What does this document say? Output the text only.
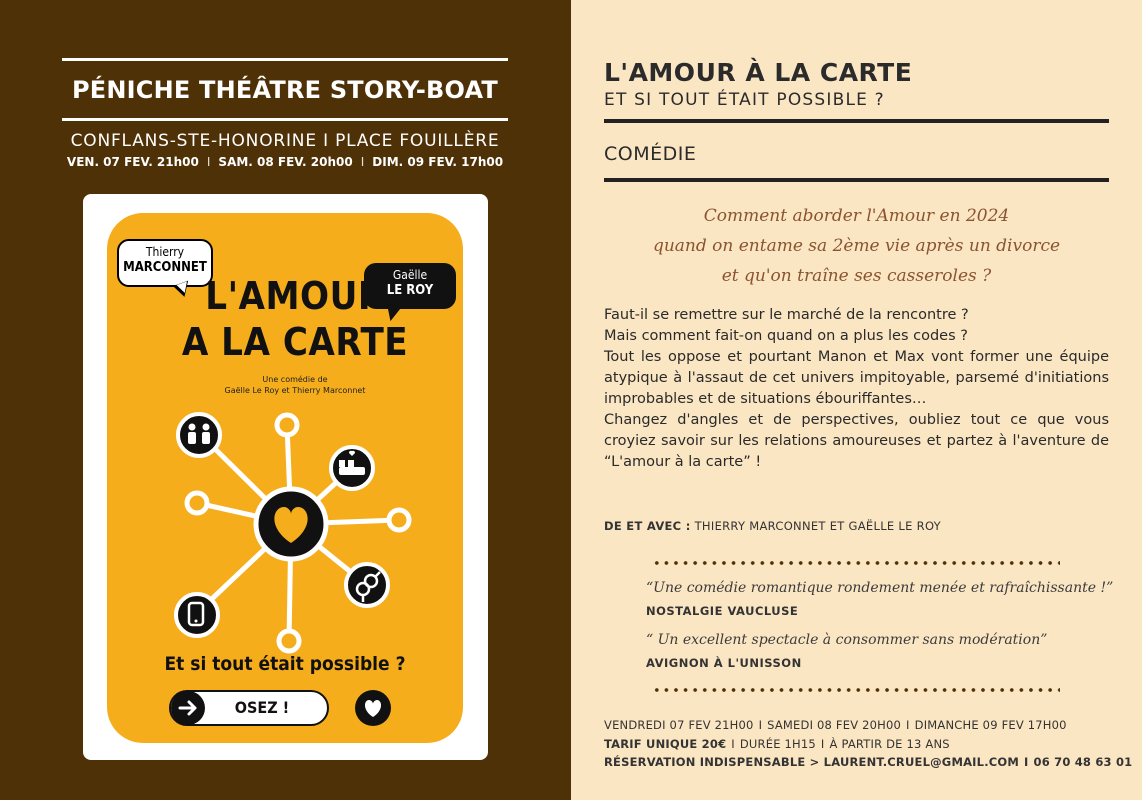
PÉNICHE THÉÂTRE STORY-BOAT
CONFLANS-STE-HONORINE I PLACE FOUILLÈRE
VEN. 07 FEV. 21h00 I SAM. 08 FEV. 20h00 I DIM. 09 FEV. 17h00
Thierry
MARCONNET	Gaëlle
LE ROY
L'AMOUR
A LA CARTE
Une comédie de
Gaëlle Le Roy et Thierry Marconnet
Et si tout était possible ?
OSEZ !
L'AMOUR À LA CARTE
ET SI TOUT ÉTAIT POSSIBLE ?
COMÉDIE
Comment aborder l'Amour en 2024
quand on entame sa 2ème vie après un divorce
et qu'on traîne ses casseroles ?

Faut-il se remettre sur le marché de la rencontre ?

Mais comment fait-on quand on a plus les codes ?

Tout les oppose et pourtant Manon et Max vont former une équipe atypique à l'assaut de cet univers impitoyable, parsemé d'initiations improbables et de situations ébouriffantes…

Changez d'angles et de perspectives, oubliez tout ce que vous croyiez savoir sur les relations amoureuses et partez à l'aventure de “L'amour à la carte” !

DE ET AVEC : THIERRY MARCONNET ET GAËLLE LE ROY
“Une comédie romantique rondement menée et rafraîchissante !”
NOSTALGIE VAUCLUSE
“ Un excellent spectacle à consommer sans modération”
AVIGNON À L'UNISSON
VENDREDI 07 FEV 21H00 I SAMEDI 08 FEV 20H00 I DIMANCHE 09 FEV 17H00
TARIF UNIQUE 20€ I DURÉE 1H15 I À PARTIR DE 13 ANS
RÉSERVATION INDISPENSABLE > LAURENT.CRUEL@GMAIL.COM I 06 70 48 63 01
